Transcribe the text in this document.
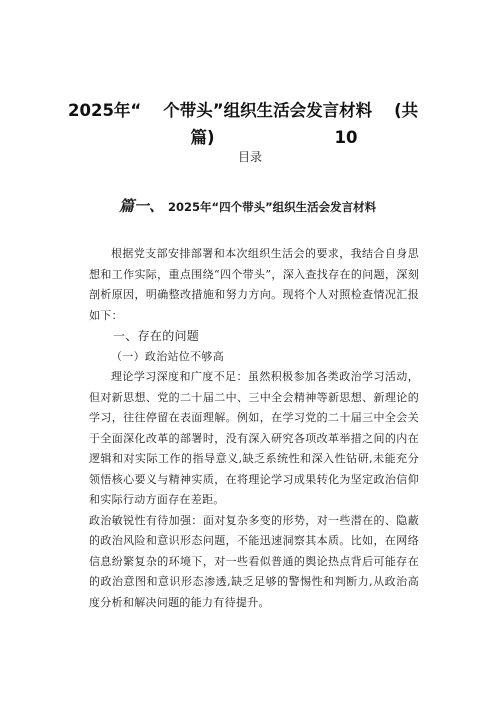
2025年“ 个带头”组织生活会发言材料 (共
篇)	10
目录
篇一、 2025年“四个带头”组织生活会发言材料

根据党支部安排部署和本次组织生活会的要求，我结合自身思想和工作实际，重点围绕“四个带头”，深入查找存在的问题，深刻剖析原因，明确整改措施和努力方向。现将个人对照检查情况汇报如下：

一、存在的问题

（一）政治站位不够高

理论学习深度和广度不足：虽然积极参加各类政治学习活动，但对新思想、党的二十届二中、三中全会精神等新思想、新理论的学习，往往停留在表面理解。例如，在学习党的二十届三中全会关于全面深化改革的部署时，没有深入研究各项改革举措之间的内在逻辑和对实际工作的指导意义,缺乏系统性和深入性钻研,未能充分领悟核心要义与精神实质，在将理论学习成果转化为坚定政治信仰和实际行动方面存在差距。

政治敏锐性有待加强：面对复杂多变的形势，对一些潜在的、隐蔽的政治风险和意识形态问题，不能迅速洞察其本质。比如，在网络信息纷繁复杂的环境下，对一些看似普通的舆论热点背后可能存在的政治意图和意识形态渗透,缺乏足够的警惕性和判断力,从政治高度分析和解决问题的能力有待提升。
